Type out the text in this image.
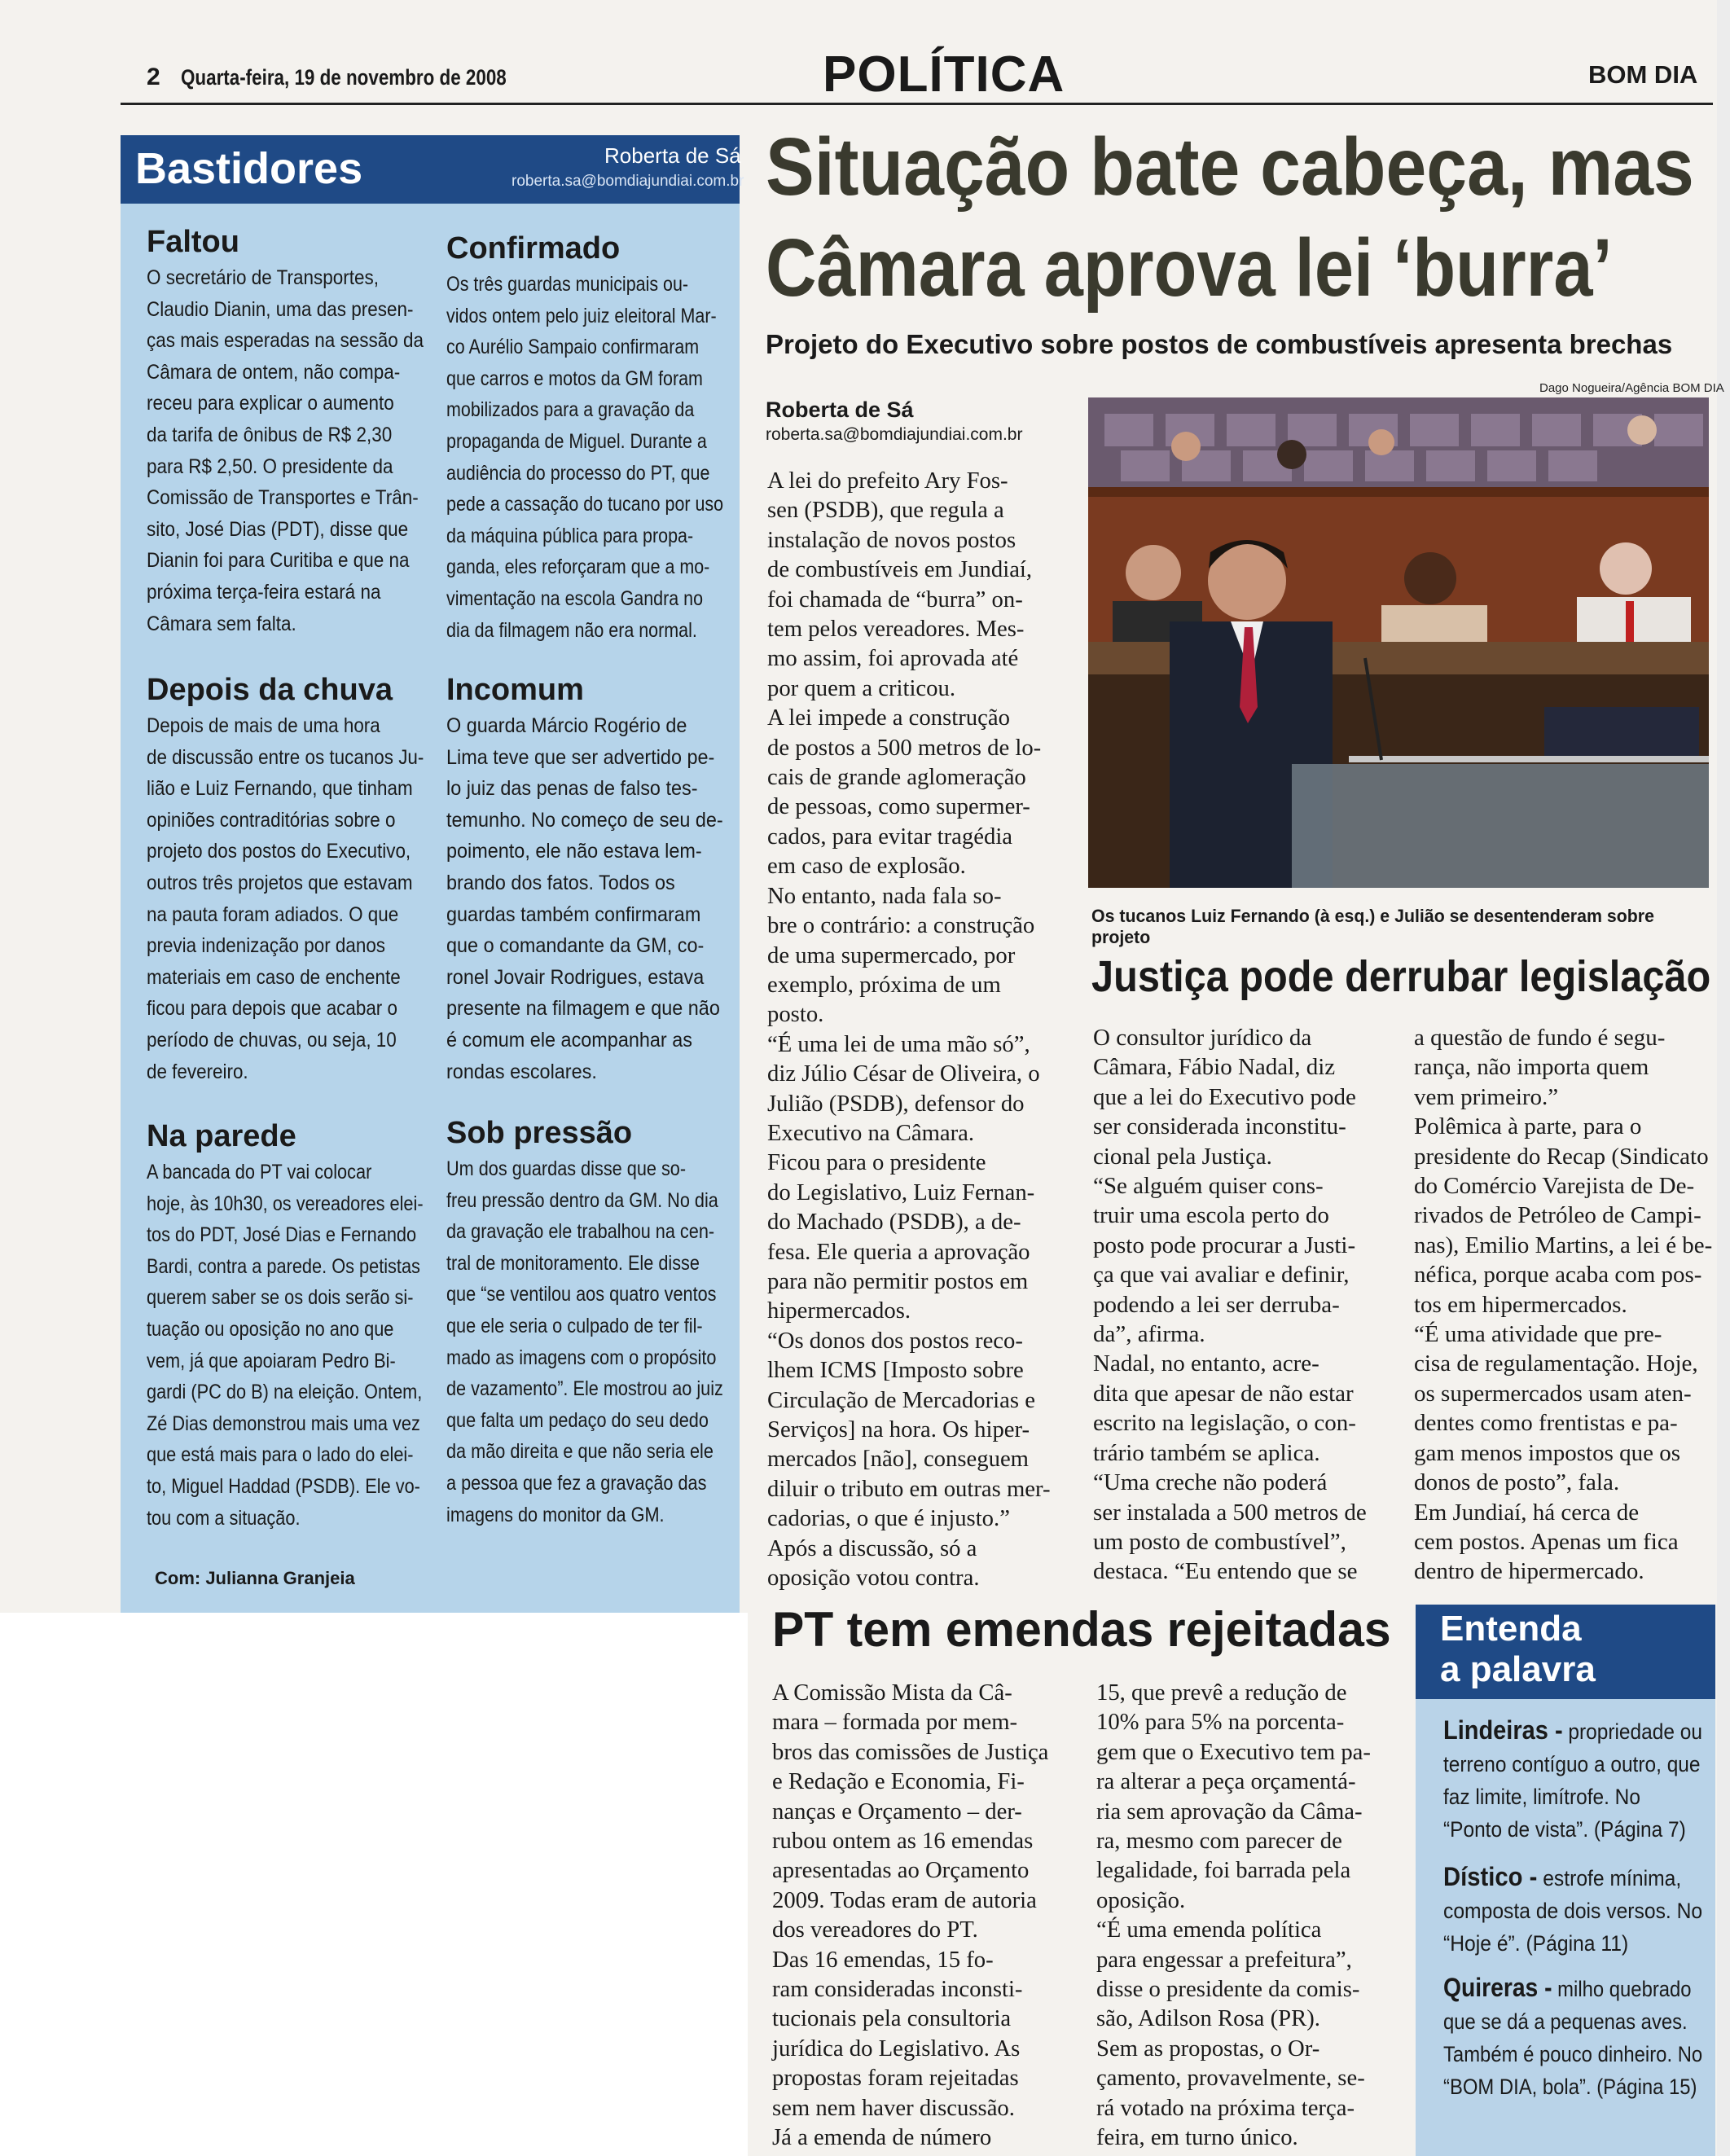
2 Quarta-feira, 19 de novembro de 2008	POLÍTICA	BOM DIA
Bastidores	Roberta de Sá
roberta.sa@bomdiajundiai.com.br
Faltou
O secretário de Transportes,
Claudio Dianin, uma das presen-
ças mais esperadas na sessão da
Câmara de ontem, não compa-
receu para explicar o aumento
da tarifa de ônibus de R$ 2,30
para R$ 2,50. O presidente da
Comissão de Transportes e Trân-
sito, José Dias (PDT), disse que
Dianin foi para Curitiba e que na
próxima terça-feira estará na
Câmara sem falta.
Depois da chuva
Depois de mais de uma hora
de discussão entre os tucanos Ju-
lião e Luiz Fernando, que tinham
opiniões contraditórias sobre o
projeto dos postos do Executivo,
outros três projetos que estavam
na pauta foram adiados. O que
previa indenização por danos
materiais em caso de enchente
ficou para depois que acabar o
período de chuvas, ou seja, 10
de fevereiro.
Na parede
A bancada do PT vai colocar
hoje, às 10h30, os vereadores elei-
tos do PDT, José Dias e Fernando
Bardi, contra a parede. Os petistas
querem saber se os dois serão si-
tuação ou oposição no ano que
vem, já que apoiaram Pedro Bi-
gardi (PC do B) na eleição. Ontem,
Zé Dias demonstrou mais uma vez
que está mais para o lado do elei-
to, Miguel Haddad (PSDB). Ele vo-
tou com a situação.
Confirmado
Os três guardas municipais ou-
vidos ontem pelo juiz eleitoral Mar-
co Aurélio Sampaio confirmaram
que carros e motos da GM foram
mobilizados para a gravação da
propaganda de Miguel. Durante a
audiência do processo do PT, que
pede a cassação do tucano por uso
da máquina pública para propa-
ganda, eles reforçaram que a mo-
vimentação na escola Gandra no
dia da filmagem não era normal.
Incomum
O guarda Márcio Rogério de
Lima teve que ser advertido pe-
lo juiz das penas de falso tes-
temunho. No começo de seu de-
poimento, ele não estava lem-
brando dos fatos. Todos os
guardas também confirmaram
que o comandante da GM, co-
ronel Jovair Rodrigues, estava
presente na filmagem e que não
é comum ele acompanhar as
rondas escolares.
Sob pressão
Um dos guardas disse que so-
freu pressão dentro da GM. No dia
da gravação ele trabalhou na cen-
tral de monitoramento. Ele disse
que “se ventilou aos quatro ventos
que ele seria o culpado de ter fil-
mado as imagens com o propósito
de vazamento”. Ele mostrou ao juiz
que falta um pedaço do seu dedo
da mão direita e que não seria ele
a pessoa que fez a gravação das
imagens do monitor da GM.
Com: Julianna Granjeia
Situação bate cabeça, mas
Câmara aprova lei ‘burra’
Projeto do Executivo sobre postos de combustíveis apresenta brechas
Roberta de Sá
roberta.sa@bomdiajundiai.com.br
A lei do prefeito Ary Fos-
sen (PSDB), que regula a
instalação de novos postos
de combustíveis em Jundiaí,
foi chamada de “burra” on-
tem pelos vereadores. Mes-
mo assim, foi aprovada até
por quem a criticou.
A lei impede a construção
de postos a 500 metros de lo-
cais de grande aglomeração
de pessoas, como supermer-
cados, para evitar tragédia
em caso de explosão.
No entanto, nada fala so-
bre o contrário: a construção
de uma supermercado, por
exemplo, próxima de um
posto.
“É uma lei de uma mão só”,
diz Júlio César de Oliveira, o
Julião (PSDB), defensor do
Executivo na Câmara.
Ficou para o presidente
do Legislativo, Luiz Fernan-
do Machado (PSDB), a de-
fesa. Ele queria a aprovação
para não permitir postos em
hipermercados.
“Os donos dos postos reco-
lhem ICMS [Imposto sobre
Circulação de Mercadorias e
Serviços] na hora. Os hiper-
mercados [não], conseguem
diluir o tributo em outras mer-
cadorias, o que é injusto.”
Após a discussão, só a
oposição votou contra.
Dago Nogueira/Agência BOM DIA
Os tucanos Luiz Fernando (à esq.) e Julião se desentenderam sobre projeto
Justiça pode derrubar legislação
O consultor jurídico da
Câmara, Fábio Nadal, diz
que a lei do Executivo pode
ser considerada inconstitu-
cional pela Justiça.
“Se alguém quiser cons-
truir uma escola perto do
posto pode procurar a Justi-
ça que vai avaliar e definir,
podendo a lei ser derruba-
da”, afirma.
Nadal, no entanto, acre-
dita que apesar de não estar
escrito na legislação, o con-
trário também se aplica.
“Uma creche não poderá
ser instalada a 500 metros de
um posto de combustível”,
destaca. “Eu entendo que se
a questão de fundo é segu-
rança, não importa quem
vem primeiro.”
Polêmica à parte, para o
presidente do Recap (Sindicato
do Comércio Varejista de De-
rivados de Petróleo de Campi-
nas), Emilio Martins, a lei é be-
néfica, porque acaba com pos-
tos em hipermercados.
“É uma atividade que pre-
cisa de regulamentação. Hoje,
os supermercados usam aten-
dentes como frentistas e pa-
gam menos impostos que os
donos de posto”, fala.
Em Jundiaí, há cerca de
cem postos. Apenas um fica
dentro de hipermercado.
PT tem emendas rejeitadas
A Comissão Mista da Câ-
mara – formada por mem-
bros das comissões de Justiça
e Redação e Economia, Fi-
nanças e Orçamento – der-
rubou ontem as 16 emendas
apresentadas ao Orçamento
2009. Todas eram de autoria
dos vereadores do PT.
Das 16 emendas, 15 fo-
ram consideradas inconsti-
tucionais pela consultoria
jurídica do Legislativo. As
propostas foram rejeitadas
sem nem haver discussão.
Já a emenda de número
15, que prevê a redução de
10% para 5% na porcenta-
gem que o Executivo tem pa-
ra alterar a peça orçamentá-
ria sem aprovação da Câma-
ra, mesmo com parecer de
legalidade, foi barrada pela
oposição.
“É uma emenda política
para engessar a prefeitura”,
disse o presidente da comis-
são, Adilson Rosa (PR).
Sem as propostas, o Or-
çamento, provavelmente, se-
rá votado na próxima terça-
feira, em turno único.
Entenda
a palavra
Lindeiras - propriedade ou
terreno contíguo a outro, que
faz limite, limítrofe. No
“Ponto de vista”. (Página 7)
Dístico - estrofe mínima,
composta de dois versos. No
“Hoje é”. (Página 11)
Quireras - milho quebrado
que se dá a pequenas aves.
Também é pouco dinheiro. No
“BOM DIA, bola”. (Página 15)
